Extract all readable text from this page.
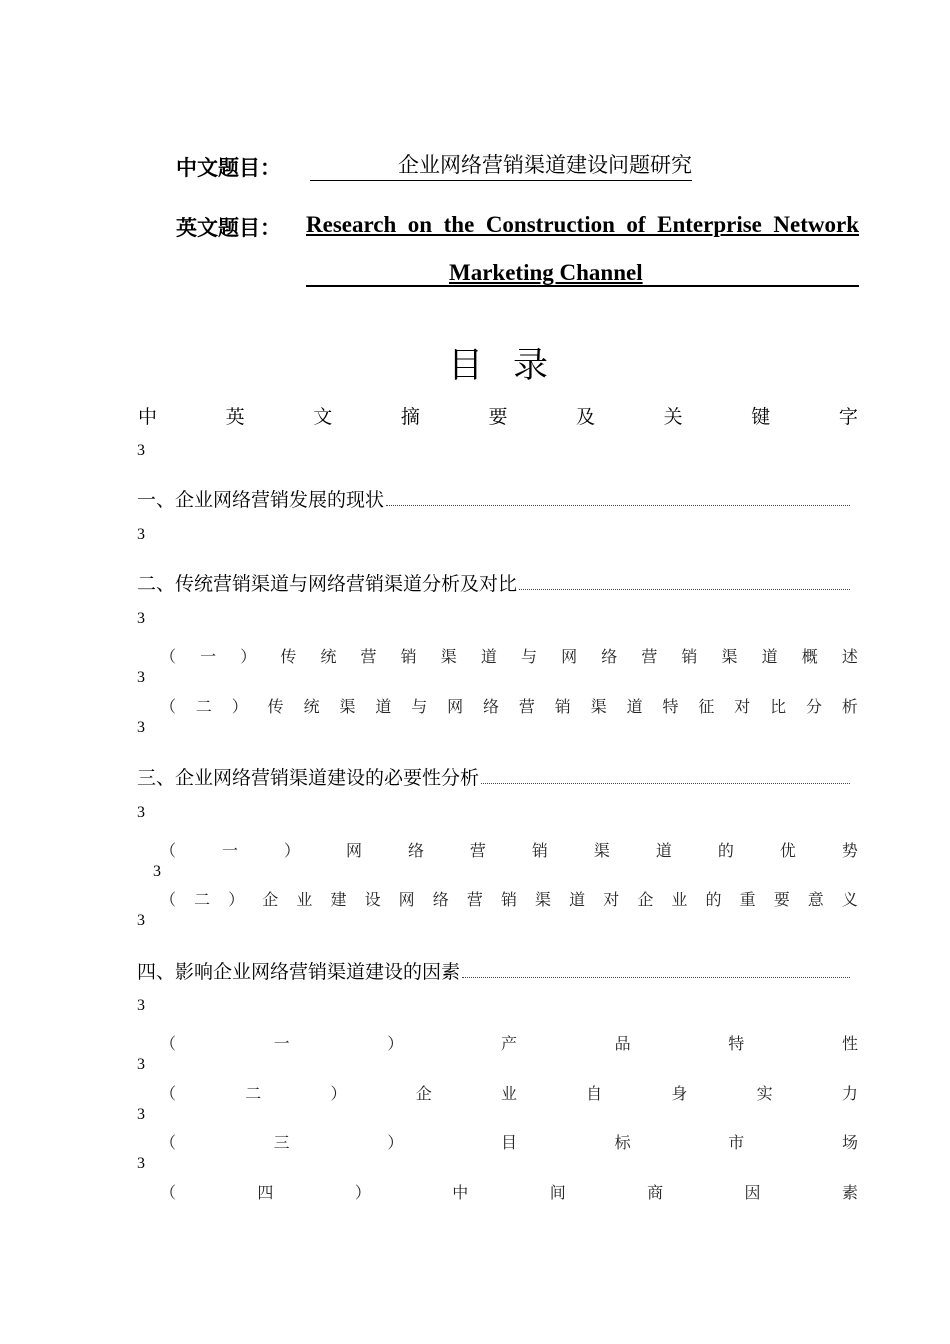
中文题目：	企业网络营销渠道建设问题研究
英文题目： Research on the Construction of Enterprise Network
Marketing Channel
目录
中	英	文	摘	要	及	关	键	字
3
一、企业网络营销发展的现状
3
二、传统营销渠道与网络营销渠道分析及对比
3
（ 一 ） 传 统 营 销 渠 道 与 网 络 营 销 渠 道 概 述
3
（ 二 ） 传 统 渠 道 与 网 络 营 销 渠 道 特 征 对 比 分 析
3
三、企业网络营销渠道建设的必要性分析
3
（	一	）	网	络	营	销	渠	道	的	优	势
3
（ 二 ） 企 业 建 设 网 络 营 销 渠 道 对 企 业 的 重 要 意 义
3
四、影响企业网络营销渠道建设的因素
3
（	一	）	产	品	特	性
3
（	二	）	企	业	自	身	实	力
3
（	三	）	目	标	市	场
3
（	四	）	中	间	商	因	素
